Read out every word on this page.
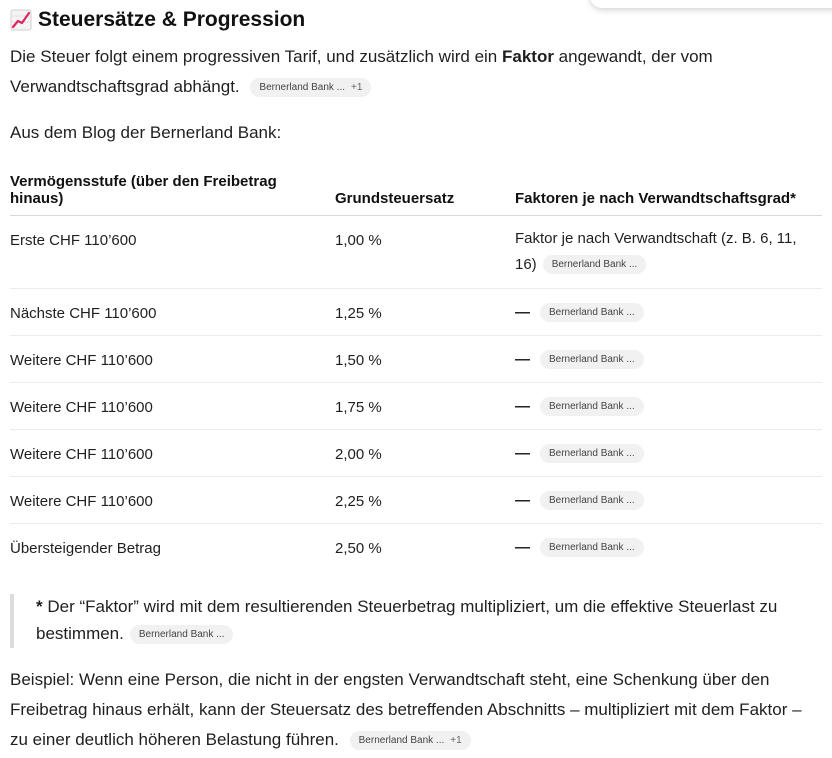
Steuersätze & Progression
Die Steuer folgt einem progressiven Tarif, und zusätzlich wird ein Faktor angewandt, der vom Verwandtschaftsgrad abhängt. Bernerland Bank ... +1
Aus dem Blog der Bernerland Bank:
Vermögensstufe (über den Freibetrag hinaus)	Grundsteuersatz	Faktoren je nach Verwandtschaftsgrad*
Erste CHF 110’600	1,00 %	Faktor je nach Verwandtschaft (z. B. 6, 11, 16) Bernerland Bank ...
Nächste CHF 110’600	1,25 %	— Bernerland Bank ...
Weitere CHF 110’600	1,50 %	— Bernerland Bank ...
Weitere CHF 110’600	1,75 %	— Bernerland Bank ...
Weitere CHF 110’600	2,00 %	— Bernerland Bank ...
Weitere CHF 110’600	2,25 %	— Bernerland Bank ...
Übersteigender Betrag	2,50 %	— Bernerland Bank ...
* Der “Faktor” wird mit dem resultierenden Steuerbetrag multipliziert, um die effektive Steuerlast zu bestimmen. Bernerland Bank ...
Beispiel: Wenn eine Person, die nicht in der engsten Verwandtschaft steht, eine Schenkung über den Freibetrag hinaus erhält, kann der Steuersatz des betreffenden Abschnitts – multipliziert mit dem Faktor – zu einer deutlich höheren Belastung führen. Bernerland Bank ... +1
